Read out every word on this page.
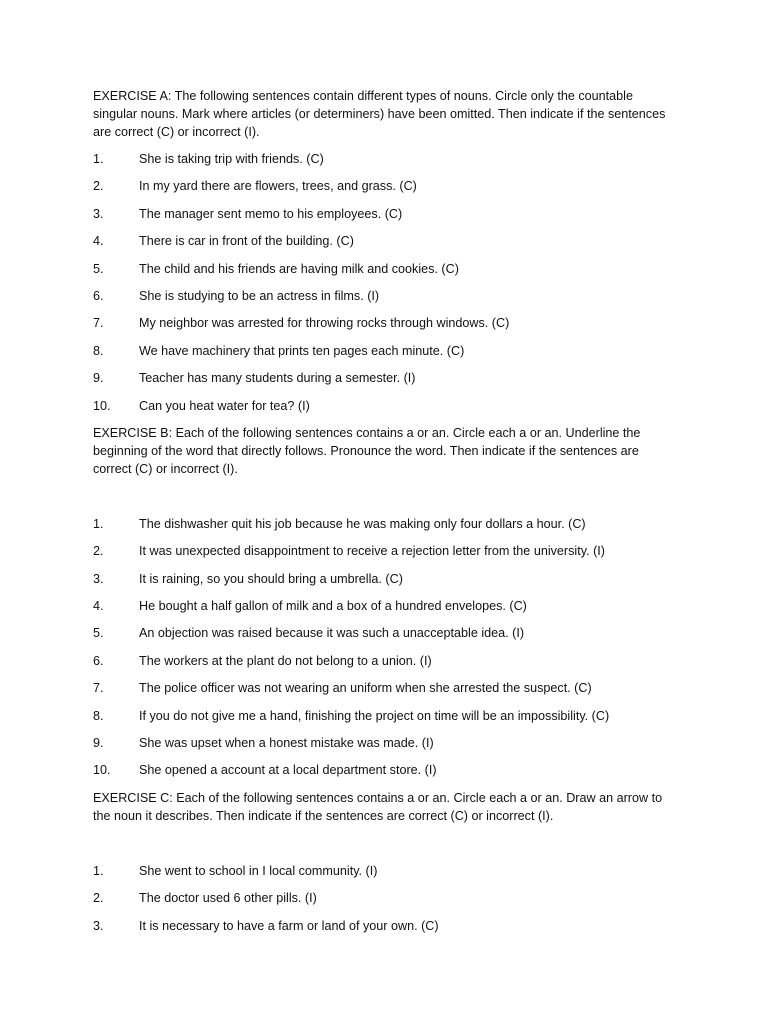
EXERCISE A: The following sentences contain different types of nouns. Circle only the countable singular nouns. Mark where articles (or determiners) have been omitted. Then indicate if the sentences are correct (C) or incorrect (I).

1.	She is taking trip with friends. (C)
2.	In my yard there are flowers, trees, and grass. (C)
3.	The manager sent memo to his employees. (C)
4.	There is car in front of the building. (C)
5.	The child and his friends are having milk and cookies. (C)
6.	She is studying to be an actress in films. (I)
7.	My neighbor was arrested for throwing rocks through windows. (C)
8.	We have machinery that prints ten pages each minute. (C)
9.	Teacher has many students during a semester. (I)
10.	Can you heat water for tea? (I)

EXERCISE B: Each of the following sentences contains a or an. Circle each a or an. Underline the beginning of the word that directly follows. Pronounce the word. Then indicate if the sentences are correct (C) or incorrect (I).

1.	The dishwasher quit his job because he was making only four dollars a hour. (C)
2.	It was unexpected disappointment to receive a rejection letter from the university. (I)
3.	It is raining, so you should bring a umbrella. (C)
4.	He bought a half gallon of milk and a box of a hundred envelopes. (C)
5.	An objection was raised because it was such a unacceptable idea. (I)
6.	The workers at the plant do not belong to a union. (I)
7.	The police officer was not wearing an uniform when she arrested the suspect. (C)
8.	If you do not give me a hand, finishing the project on time will be an impossibility. (C)
9.	She was upset when a honest mistake was made. (I)
10.	She opened a account at a local department store. (I)

EXERCISE C: Each of the following sentences contains a or an. Circle each a or an. Draw an arrow to the noun it describes. Then indicate if the sentences are correct (C) or incorrect (I).

1.	She went to school in I local community. (I)
2.	The doctor used 6 other pills. (I)
3.	It is necessary to have a farm or land of your own. (C)
